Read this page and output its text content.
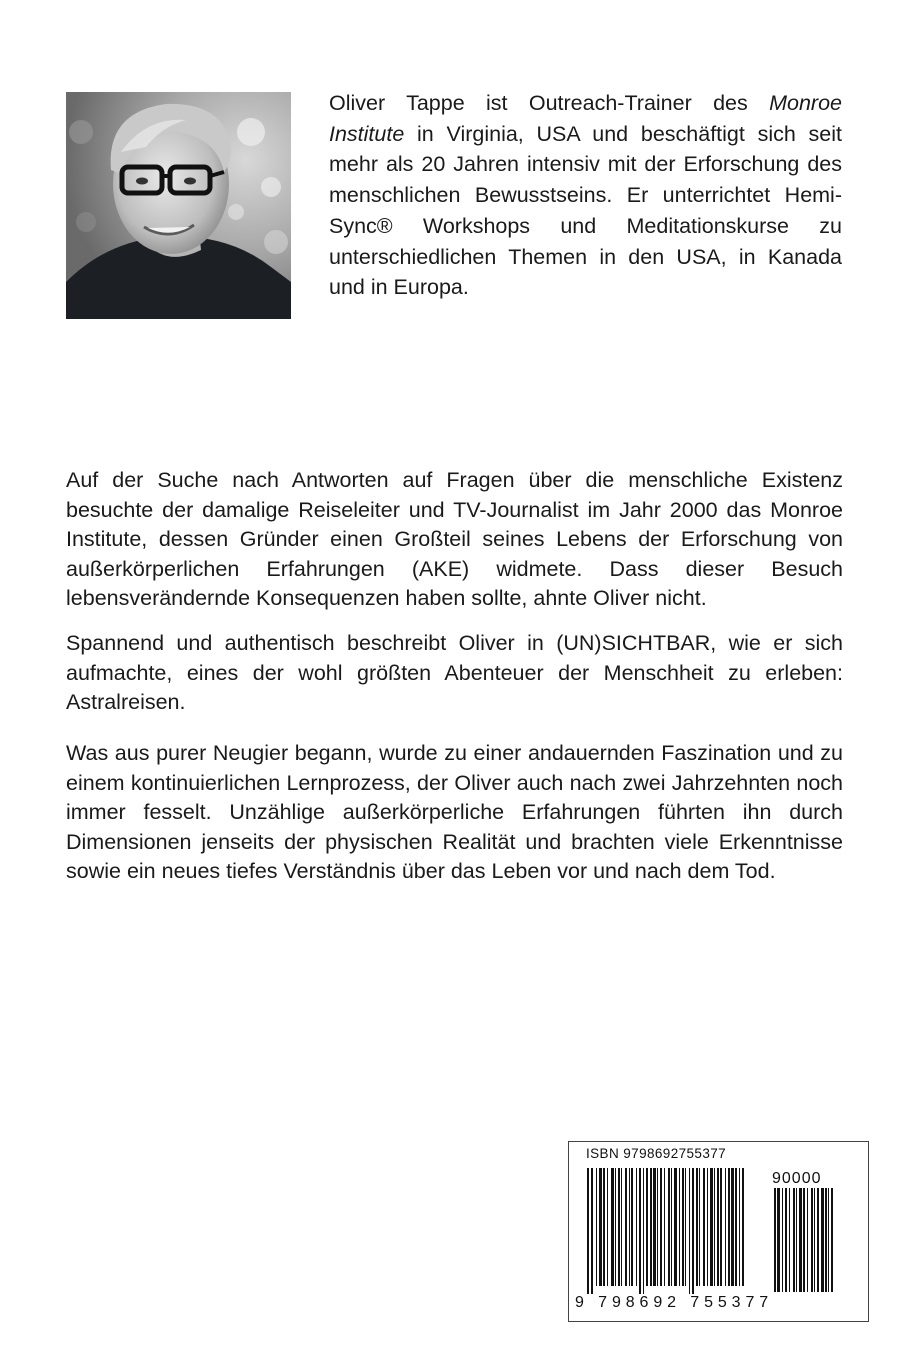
Oliver Tappe ist Outreach-Trainer des Monroe Institute in Virginia, USA und beschäftigt sich seit mehr als 20 Jahren intensiv mit der Erforschung des menschlichen Bewusstseins. Er unterrichtet Hemi-Sync® Workshops und Meditationskurse zu unterschiedlichen Themen in den USA, in Kanada und in Europa.

Auf der Suche nach Antworten auf Fragen über die menschliche Existenz besuchte der damalige Reiseleiter und TV-Journalist im Jahr 2000 das Monroe Institute, dessen Gründer einen Großteil seines Lebens der Erforschung von außerkörperlichen Erfahrungen (AKE) widmete. Dass dieser Besuch lebensverändernde Konsequenzen haben sollte, ahnte Oliver nicht.

Spannend und authentisch beschreibt Oliver in (UN)SICHTBAR, wie er sich aufmachte, eines der wohl größten Abenteuer der Menschheit zu erleben: Astralreisen.

Was aus purer Neugier begann, wurde zu einer andauernden Faszination und zu einem kontinuierlichen Lernprozess, der Oliver auch nach zwei Jahrzehnten noch immer fesselt. Unzählige außerkörperliche Erfahrungen führten ihn durch Dimensionen jenseits der physischen Realität und brachten viele Erkenntnisse sowie ein neues tiefes Verständnis über das Leben vor und nach dem Tod.

ISBN 9798692755377
90000
9 798692 755377
